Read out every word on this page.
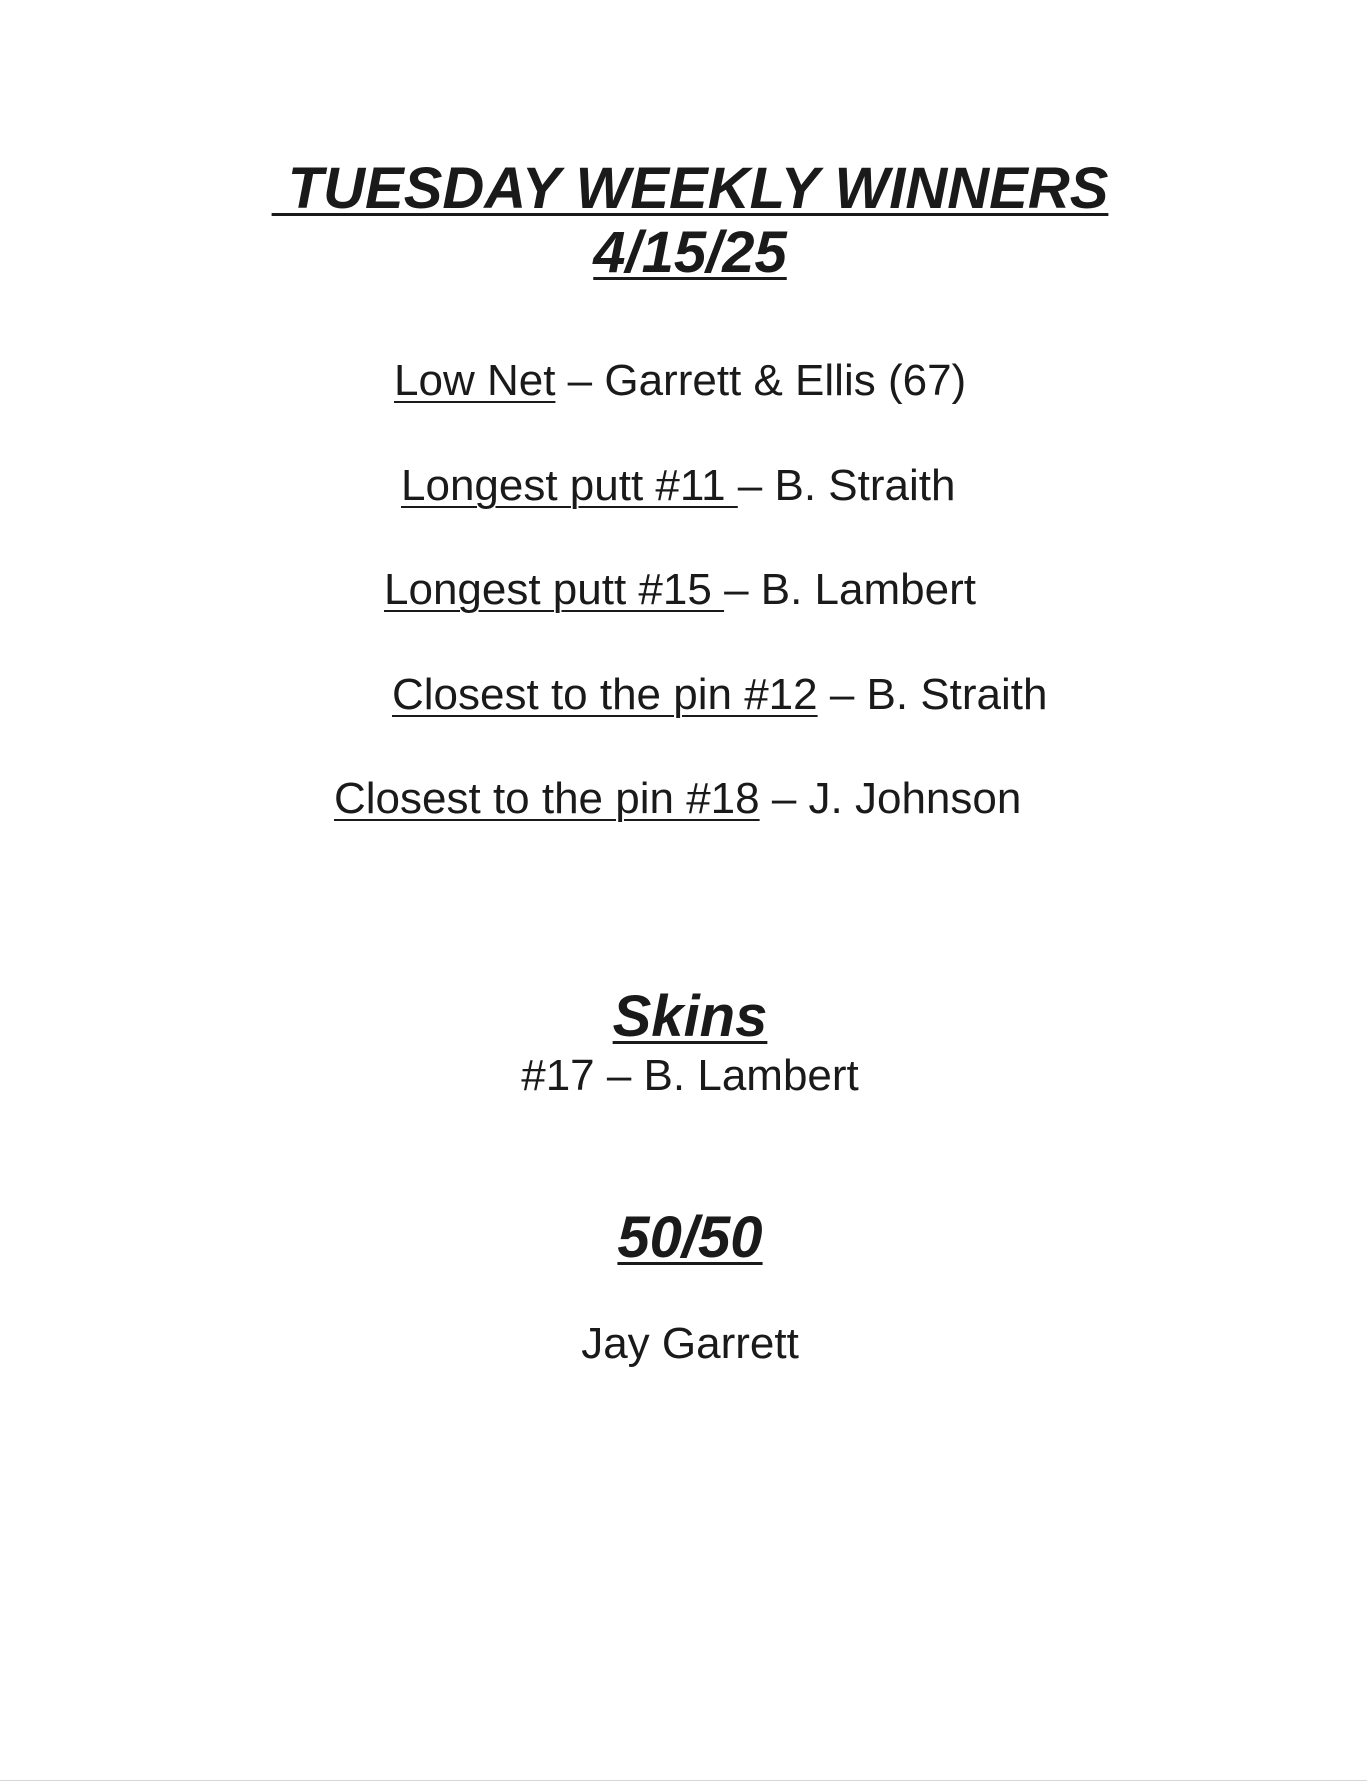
TUESDAY WEEKLY WINNERS
4/15/25
Low Net – Garrett & Ellis (67)
Longest putt #11 – B. Straith
Longest putt #15 – B. Lambert
Closest to the pin #12 – B. Straith
Closest to the pin #18 – J. Johnson
Skins
#17 – B. Lambert
50/50
Jay Garrett
